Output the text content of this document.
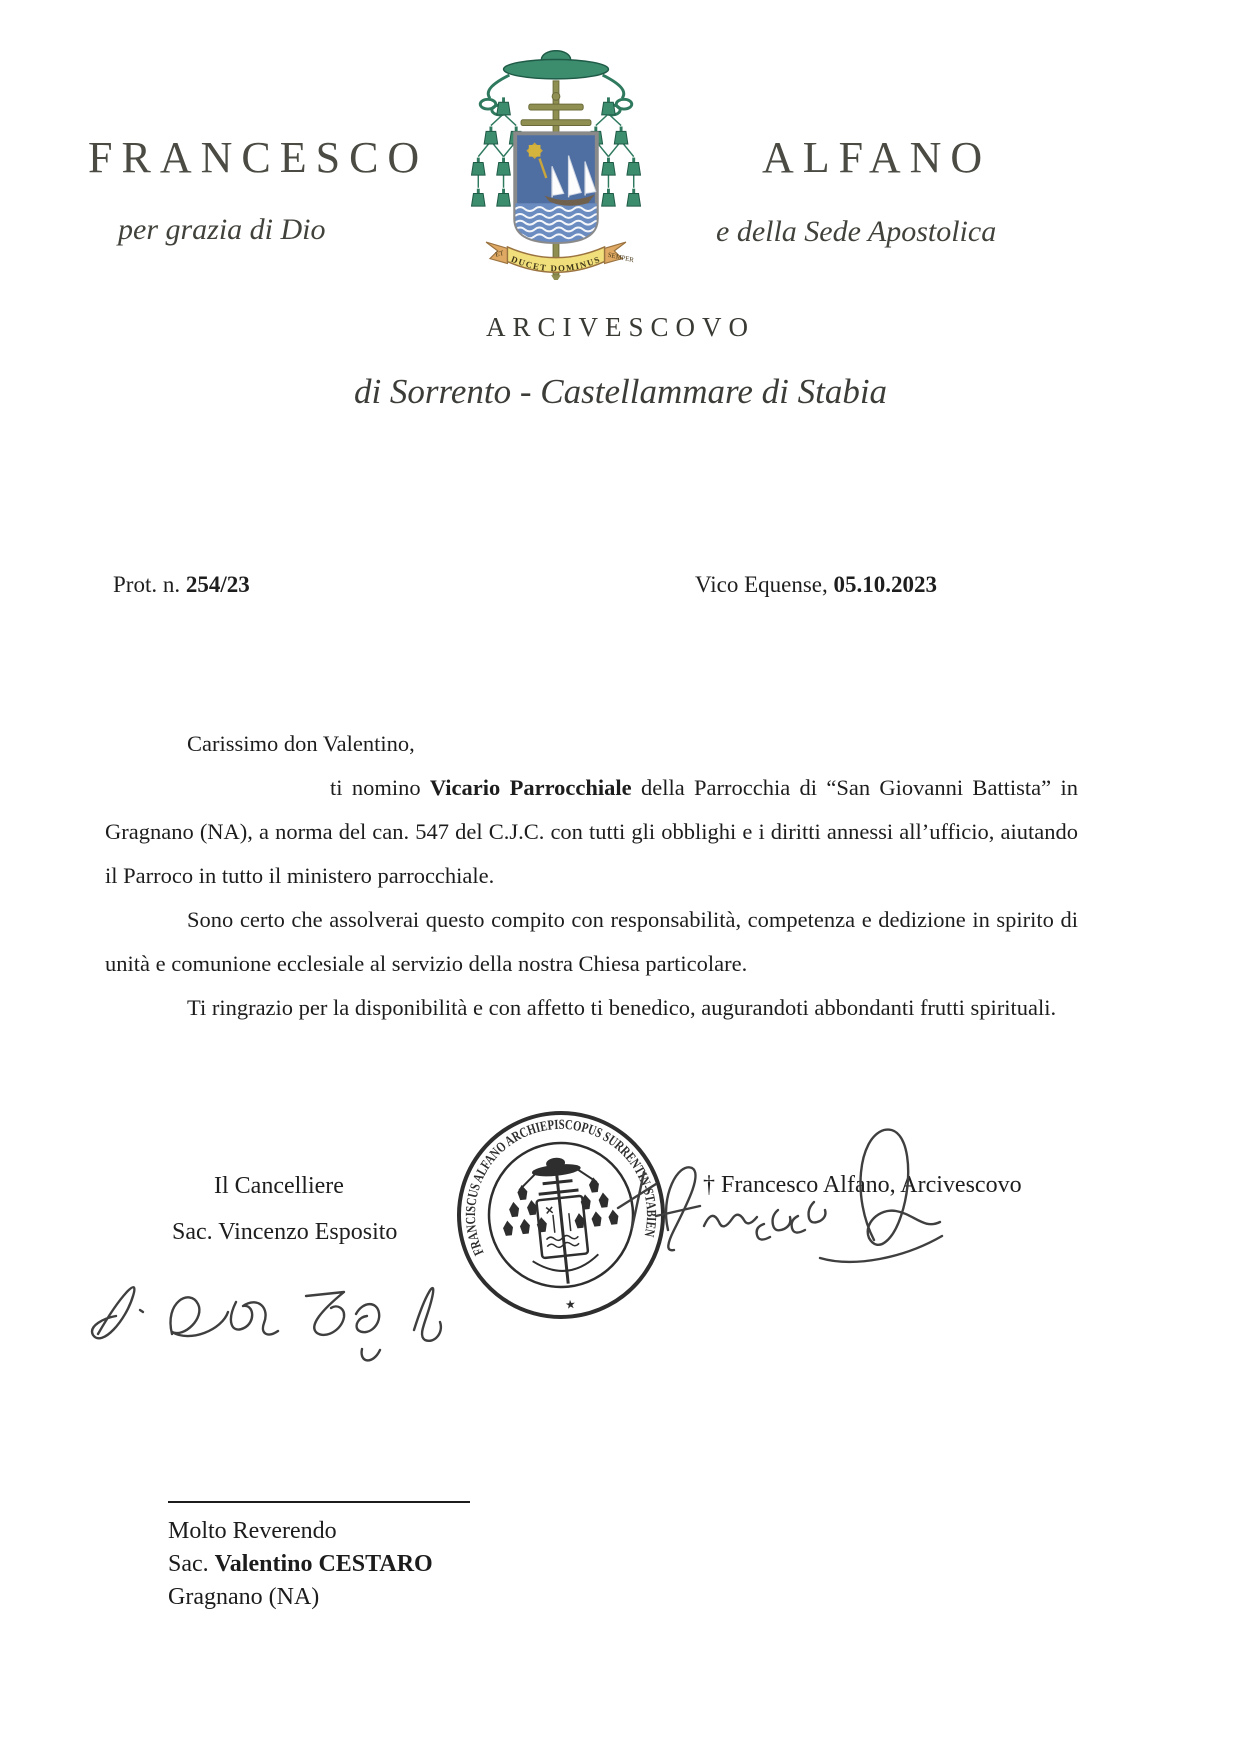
FRANCESCO	ALFANO
per grazia di Dio	e della Sede Apostolica
DUCET DOMINUS
ET	SEMPER
ARCIVESCOVO
di Sorrento - Castellammare di Stabia
Prot. n. 254/23	Vico Equense, 05.10.2023

Carissimo don Valentino,

ti nomino Vicario Parrocchiale della Parrocchia di “San Giovanni Battista” in Gragnano (NA), a norma del can. 547 del C.J.C. con tutti gli obblighi e i diritti annessi all’ufficio, aiutando il Parroco in tutto il ministero parrocchiale.

Sono certo che assolverai questo compito con responsabilità, competenza e dedizione in spirito di unità e comunione ecclesiale al servizio della nostra Chiesa particolare.

Ti ringrazio per la disponibilità e con affetto ti benedico, augurandoti abbondanti frutti spirituali.

Il Cancelliere
Sac. Vincenzo Esposito
FRANCISCUS ALFANO ARCHIEPISCOPUS SURRENTIN-STABIEN
★
† Francesco Alfano, Arcivescovo
Molto Reverendo
Sac. Valentino CESTARO
Gragnano (NA)
